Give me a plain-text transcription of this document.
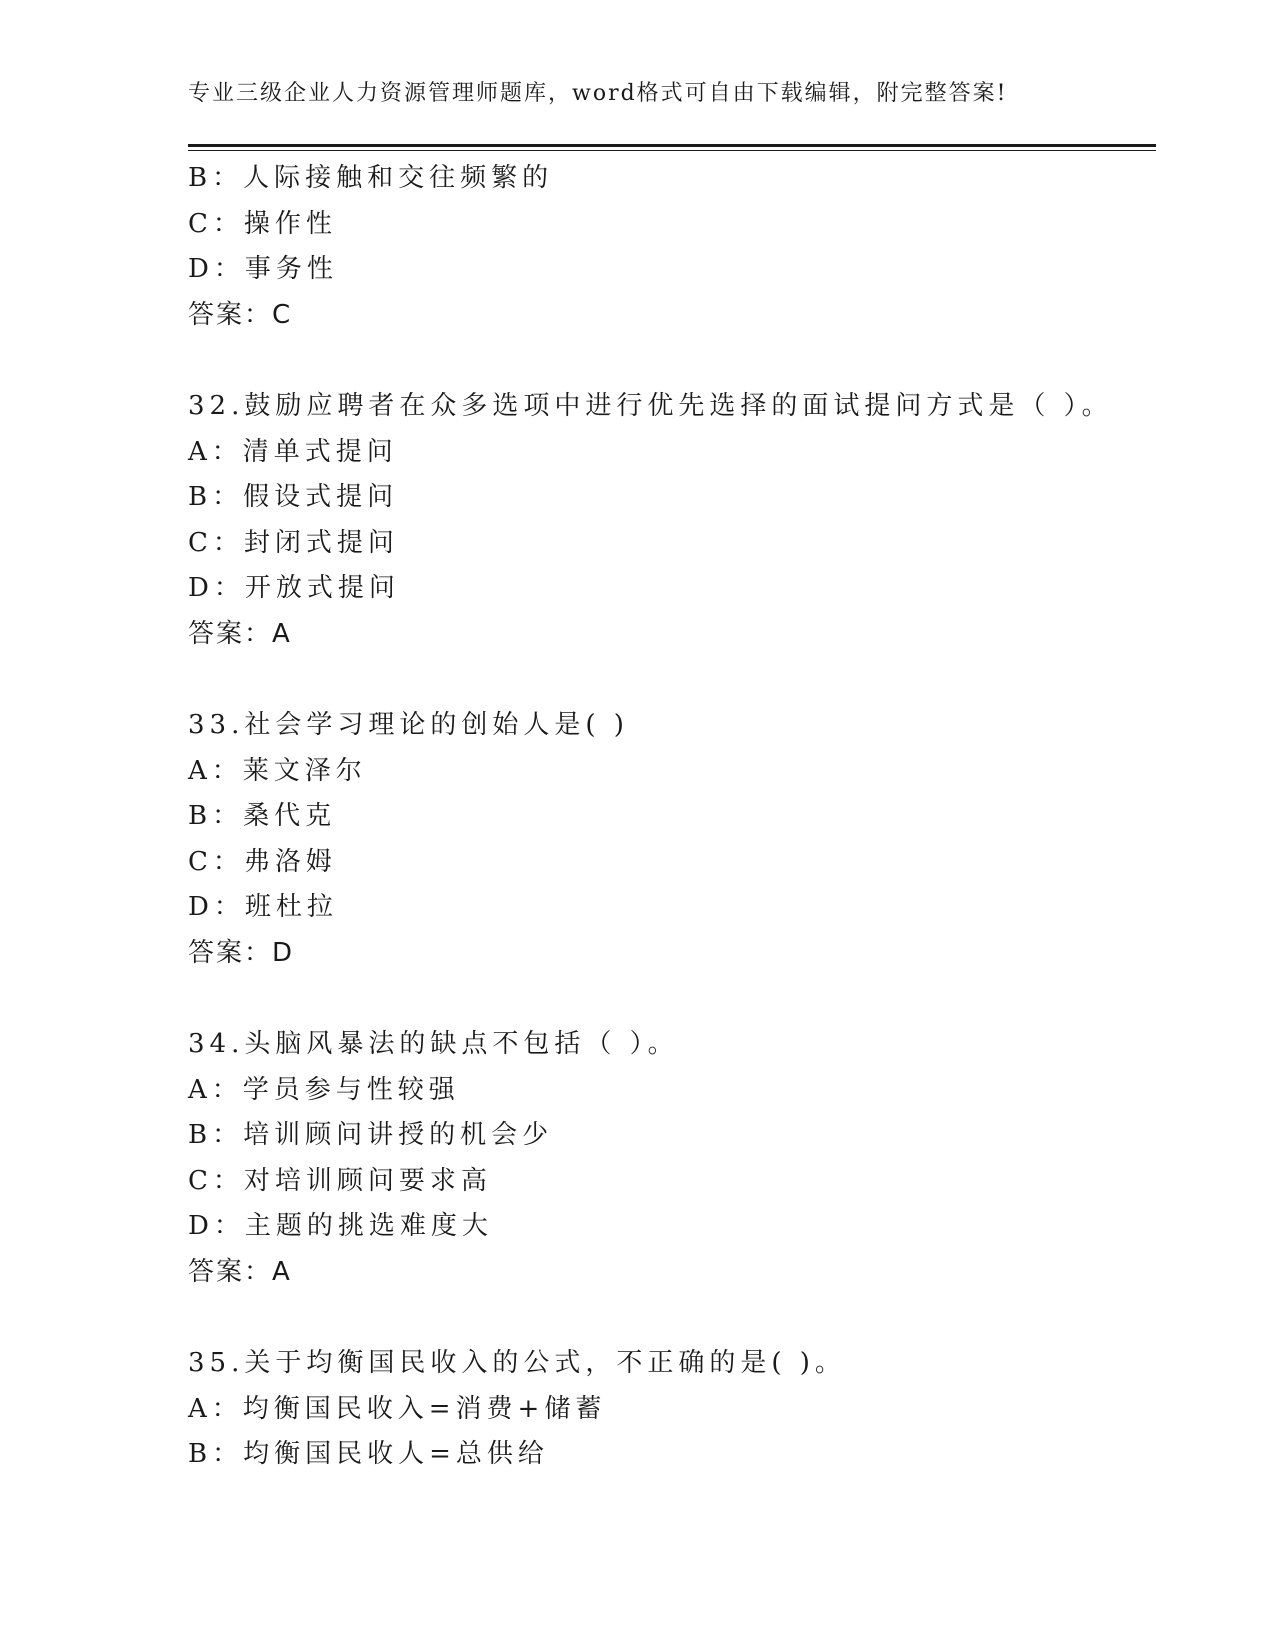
专业三级企业人力资源管理师题库，word格式可自由下载编辑，附完整答案!
B：人际接触和交往频繁的
C：操作性
D：事务性
答案：C
32.鼓励应聘者在众多选项中进行优先选择的面试提问方式是（ ）。
A：清单式提问
B：假设式提问
C：封闭式提问
D：开放式提问
答案：A
33.社会学习理论的创始人是( )
A：莱文泽尔
B：桑代克
C：弗洛姆
D：班杜拉
答案：D
34.头脑风暴法的缺点不包括（ ）。
A：学员参与性较强
B：培训顾问讲授的机会少
C：对培训顾问要求高
D：主题的挑选难度大
答案：A
35.关于均衡国民收入的公式，不正确的是( )。
A：均衡国民收入=消费+储蓄
B：均衡国民收人=总供给
